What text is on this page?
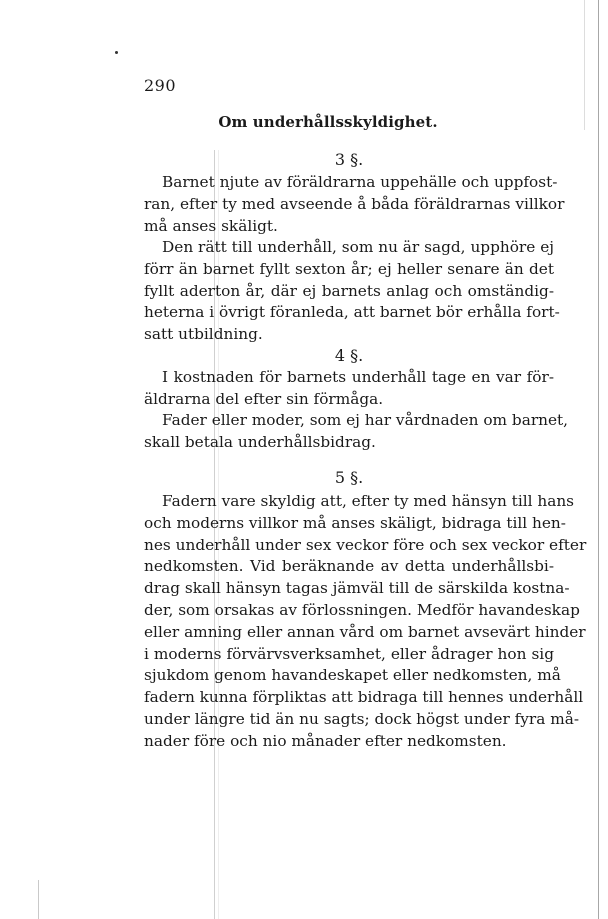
290
Om underhållsskyldighet.
3 §.
Barnet njute av föräldrarna uppehälle och uppfost-
ran, efter ty med avseende å båda föräldrarnas villkor
må anses skäligt.
Den rätt till underhåll, som nu är sagd, upphöre ej
förr än barnet fyllt sexton år; ej heller senare än det
fyllt aderton år, där ej barnets anlag och omständig-
heterna i övrigt föranleda, att barnet bör erhålla fort-
satt utbildning.
4 §.
I kostnaden för barnets underhåll tage en var för-
äldrarna del efter sin förmåga.
Fader eller moder, som ej har vårdnaden om barnet,
skall betala underhållsbidrag.
5 §.
Fadern vare skyldig att, efter ty med hänsyn till hans
och moderns villkor må anses skäligt, bidraga till hen-
nes underhåll under sex veckor före och sex veckor efter
nedkomsten. Vid beräknande av detta underhållsbi-
drag skall hänsyn tagas jämväl till de särskilda kostna-
der, som orsakas av förlossningen. Medför havandeskap
eller amning eller annan vård om barnet avsevärt hinder
i moderns förvärvsverksamhet, eller ådrager hon sig
sjukdom genom havandeskapet eller nedkomsten, må
fadern kunna förpliktas att bidraga till hennes underhåll
under längre tid än nu sagts; dock högst under fyra må-
nader före och nio månader efter nedkomsten.
